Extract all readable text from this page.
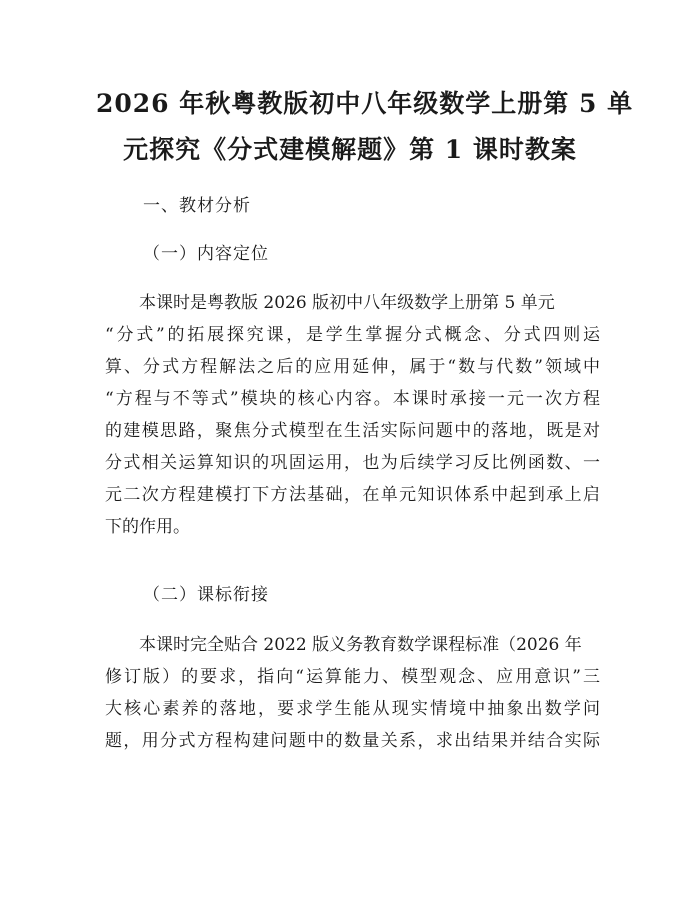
2026 年秋粤教版初中八年级数学上册第 5 单
元探究《分式建模解题》第 1 课时教案
一、教材分析
（一）内容定位
本课时是粤教版 2026 版初中八年级数学上册第 5 单元
“分式”的拓展探究课，是学生掌握分式概念、分式四则运
算、分式方程解法之后的应用延伸，属于“数与代数”领域中
“方程与不等式”模块的核心内容。本课时承接一元一次方程
的建模思路，聚焦分式模型在生活实际问题中的落地，既是对
分式相关运算知识的巩固运用，也为后续学习反比例函数、一
元二次方程建模打下方法基础，在单元知识体系中起到承上启
下的作用。
（二）课标衔接
本课时完全贴合 2022 版义务教育数学课程标准（2026 年
修订版）的要求，指向“运算能力、模型观念、应用意识”三
大核心素养的落地，要求学生能从现实情境中抽象出数学问
题，用分式方程构建问题中的数量关系，求出结果并结合实际
